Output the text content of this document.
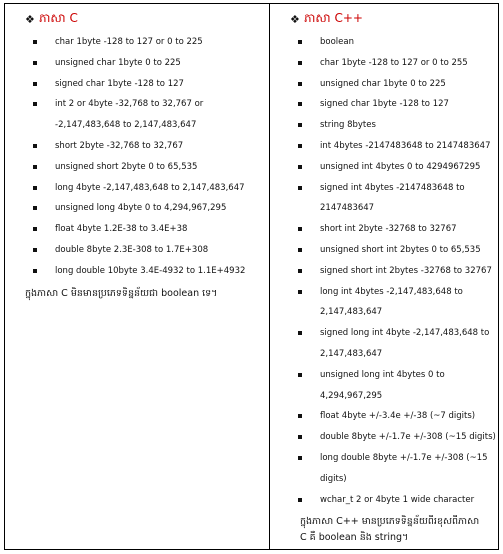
❖ ភាសា C
char 1byte -128 to 127 or 0 to 225
unsigned char 1byte 0 to 225
signed char 1byte -128 to 127
int 2 or 4byte -32,768 to 32,767 or -2,147,483,648 to 2,147,483,647
short 2byte -32,768 to 32,767
unsigned short 2byte 0 to 65,535
long 4byte -2,147,483,648 to 2,147,483,647
unsigned long 4byte 0 to 4,294,967,295
float 4byte 1.2E-38 to 3.4E+38
double 8byte 2.3E-308 to 1.7E+308
long double 10byte 3.4E-4932 to 1.1E+4932
ក្នុងភាសា C មិនមានប្រភេទទិន្នន័យជា boolean ទេ។
❖ ភាសា C++
boolean
char 1byte -128 to 127 or 0 to 255
unsigned char 1byte 0 to 225
signed char 1byte -128 to 127
string 8bytes
int 4bytes -2147483648 to 2147483647
unsigned int 4bytes 0 to 4294967295
signed int 4bytes -2147483648 to 2147483647
short int 2byte -32768 to 32767
unsigned short int 2bytes 0 to 65,535
signed short int 2bytes -32768 to 32767
long int 4bytes -2,147,483,648 to 2,147,483,647
signed long int 4byte -2,147,483,648 to 2,147,483,647
unsigned long int 4bytes 0 to 4,294,967,295
float 4byte +/-3.4e +/-38 (~7 digits)
double 8byte +/-1.7e +/-308 (~15 digits)
long double 8byte +/-1.7e +/-308 (~15 digits)
wchar_t 2 or 4byte 1 wide character
ក្នុងភាសា C++ មានប្រភេទទិន្នន័យពីរខុសពីភាសា C គឺ boolean និង string។
